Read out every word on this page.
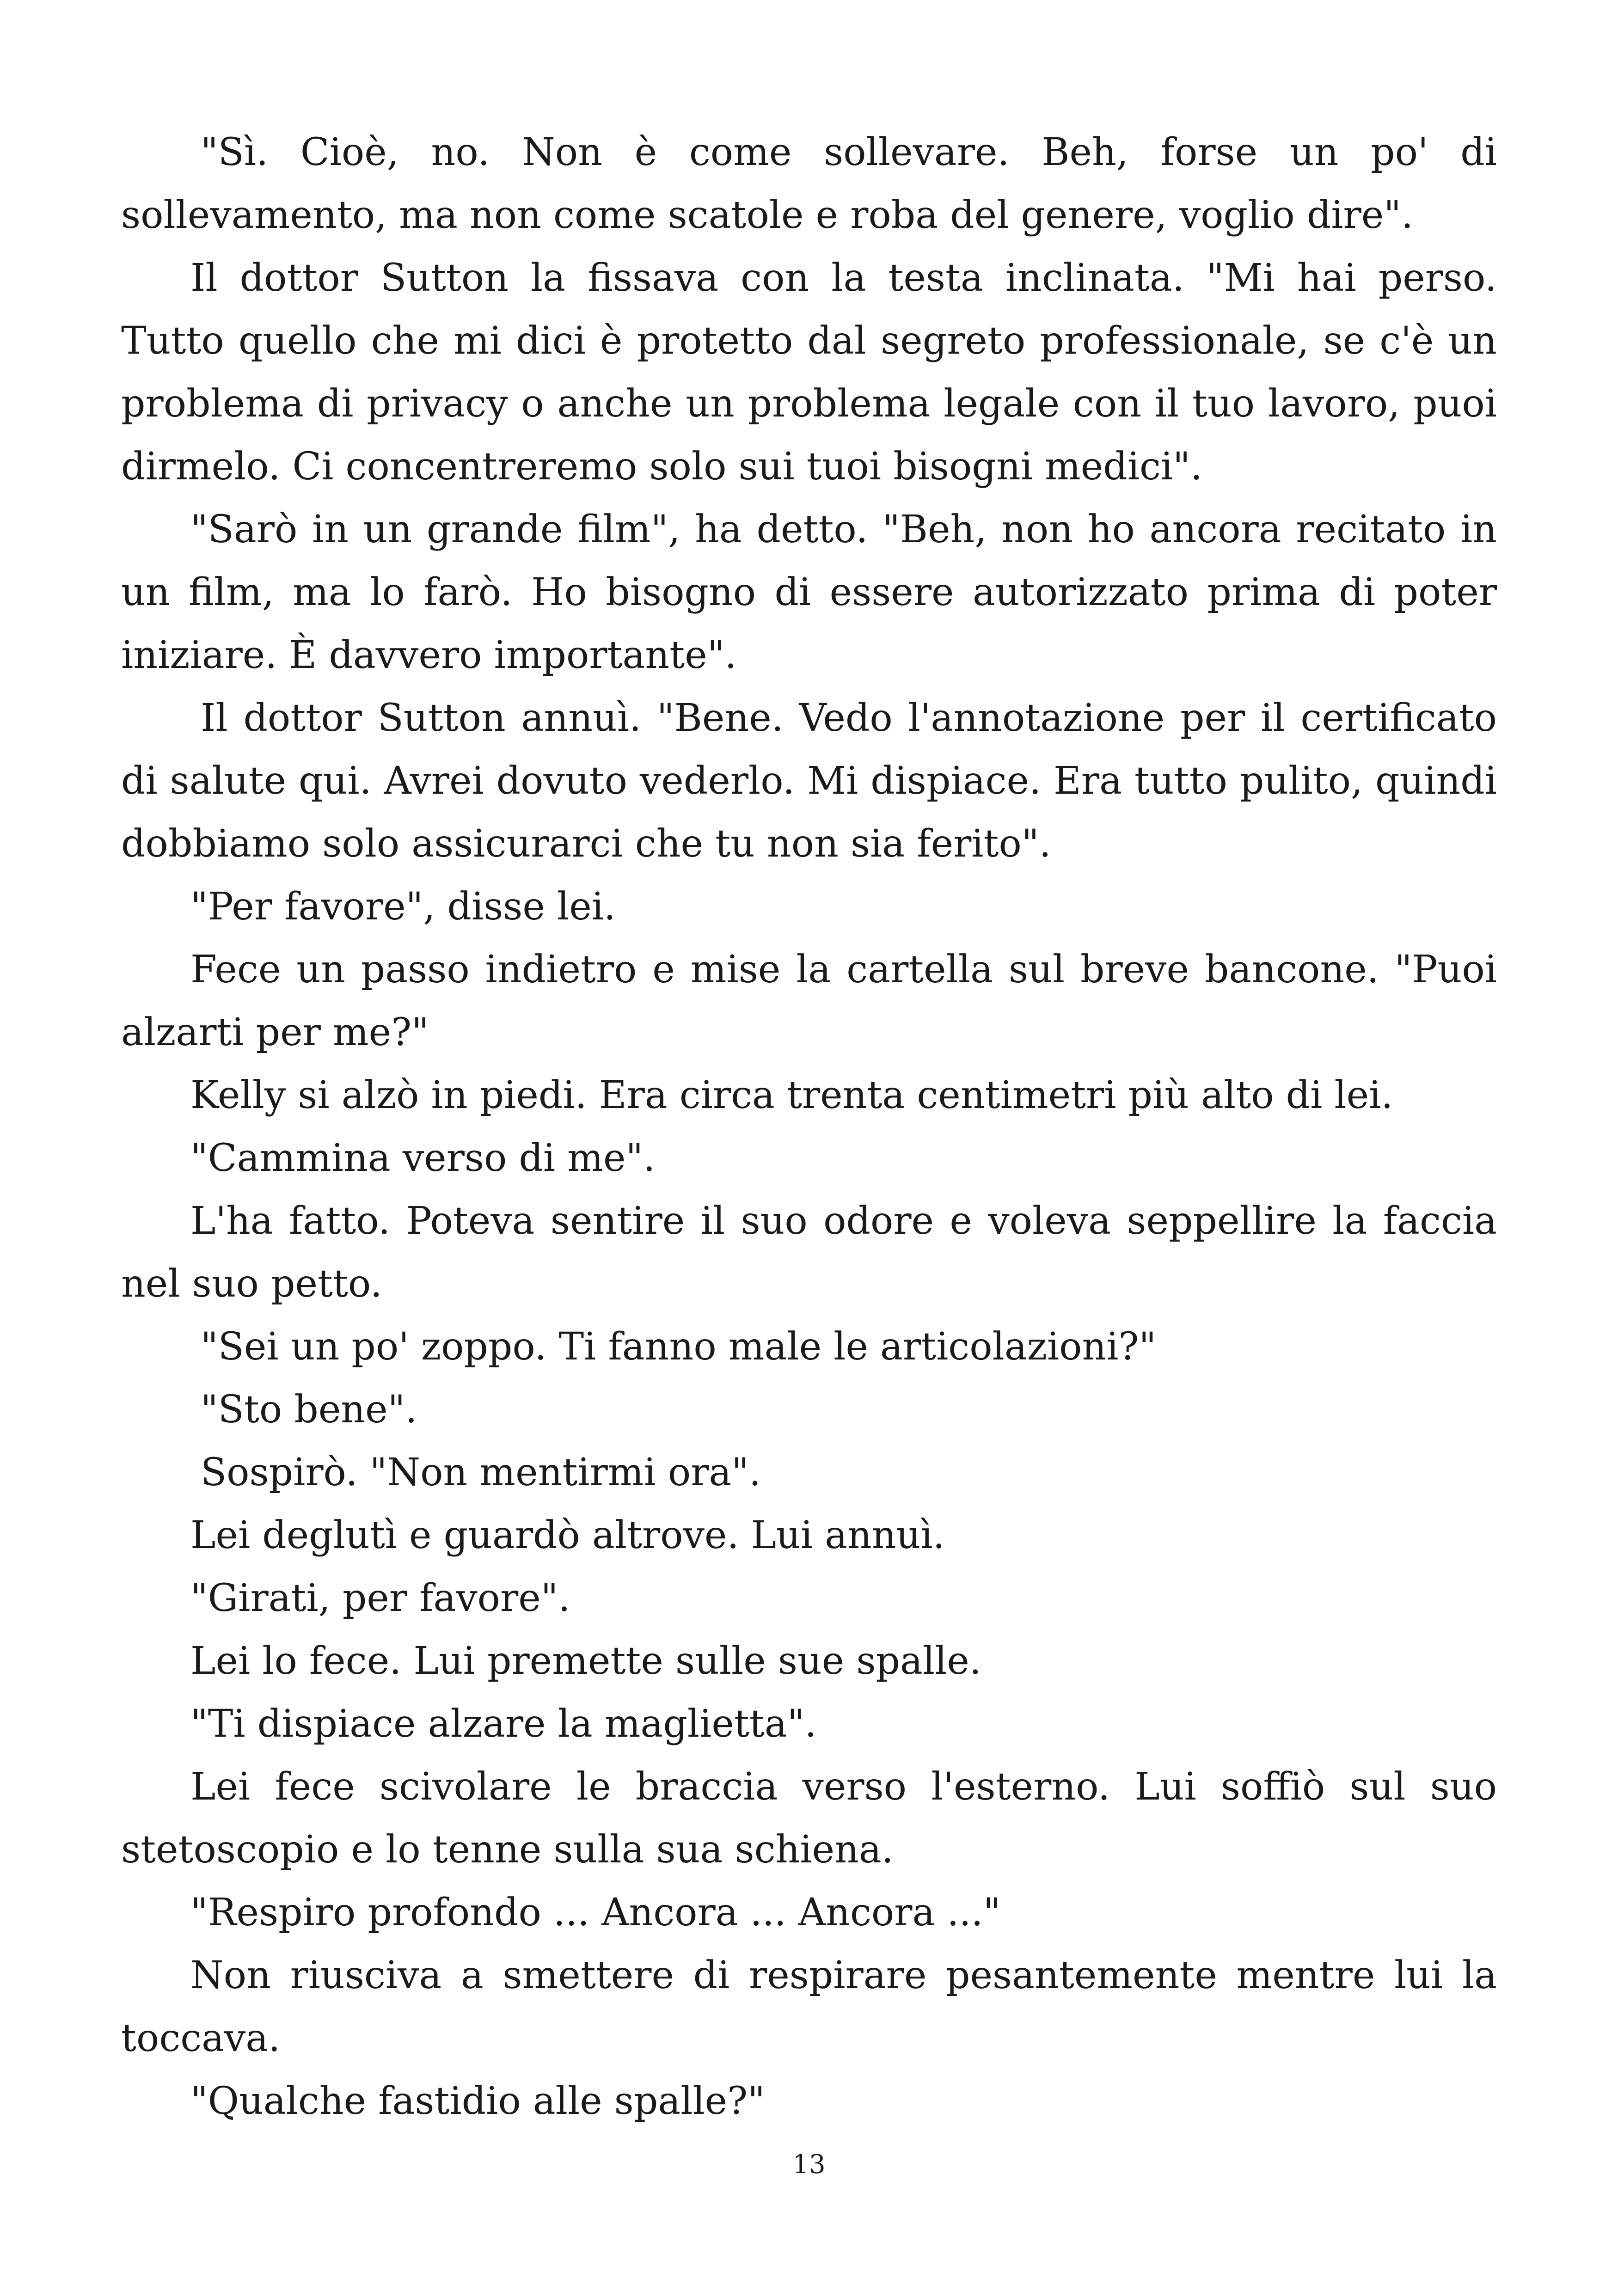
"Sì. Cioè, no. Non è come sollevare. Beh, forse un po' di sollevamento, ma non come scatole e roba del genere, voglio dire".

Il dottor Sutton la fissava con la testa inclinata. "Mi hai perso. Tutto quello che mi dici è protetto dal segreto professionale, se c'è un problema di privacy o anche un problema legale con il tuo lavoro, puoi dirmelo. Ci concentreremo solo sui tuoi bisogni medici".

"Sarò in un grande film", ha detto. "Beh, non ho ancora recitato in un film, ma lo farò. Ho bisogno di essere autorizzato prima di poter iniziare. È davvero importante".

Il dottor Sutton annuì. "Bene. Vedo l'annotazione per il certificato di salute qui. Avrei dovuto vederlo. Mi dispiace. Era tutto pulito, quindi dobbiamo solo assicurarci che tu non sia ferito".

"Per favore", disse lei.

Fece un passo indietro e mise la cartella sul breve bancone. "Puoi alzarti per me?"

Kelly si alzò in piedi. Era circa trenta centimetri più alto di lei.

"Cammina verso di me".

L'ha fatto. Poteva sentire il suo odore e voleva seppellire la faccia nel suo petto.

"Sei un po' zoppo. Ti fanno male le articolazioni?"

"Sto bene".

Sospirò. "Non mentirmi ora".

Lei deglutì e guardò altrove. Lui annuì.

"Girati, per favore".

Lei lo fece. Lui premette sulle sue spalle.

"Ti dispiace alzare la maglietta".

Lei fece scivolare le braccia verso l'esterno. Lui soffiò sul suo stetoscopio e lo tenne sulla sua schiena.

"Respiro profondo ... Ancora ... Ancora ..."

Non riusciva a smettere di respirare pesantemente mentre lui la toccava.

"Qualche fastidio alle spalle?"

13
